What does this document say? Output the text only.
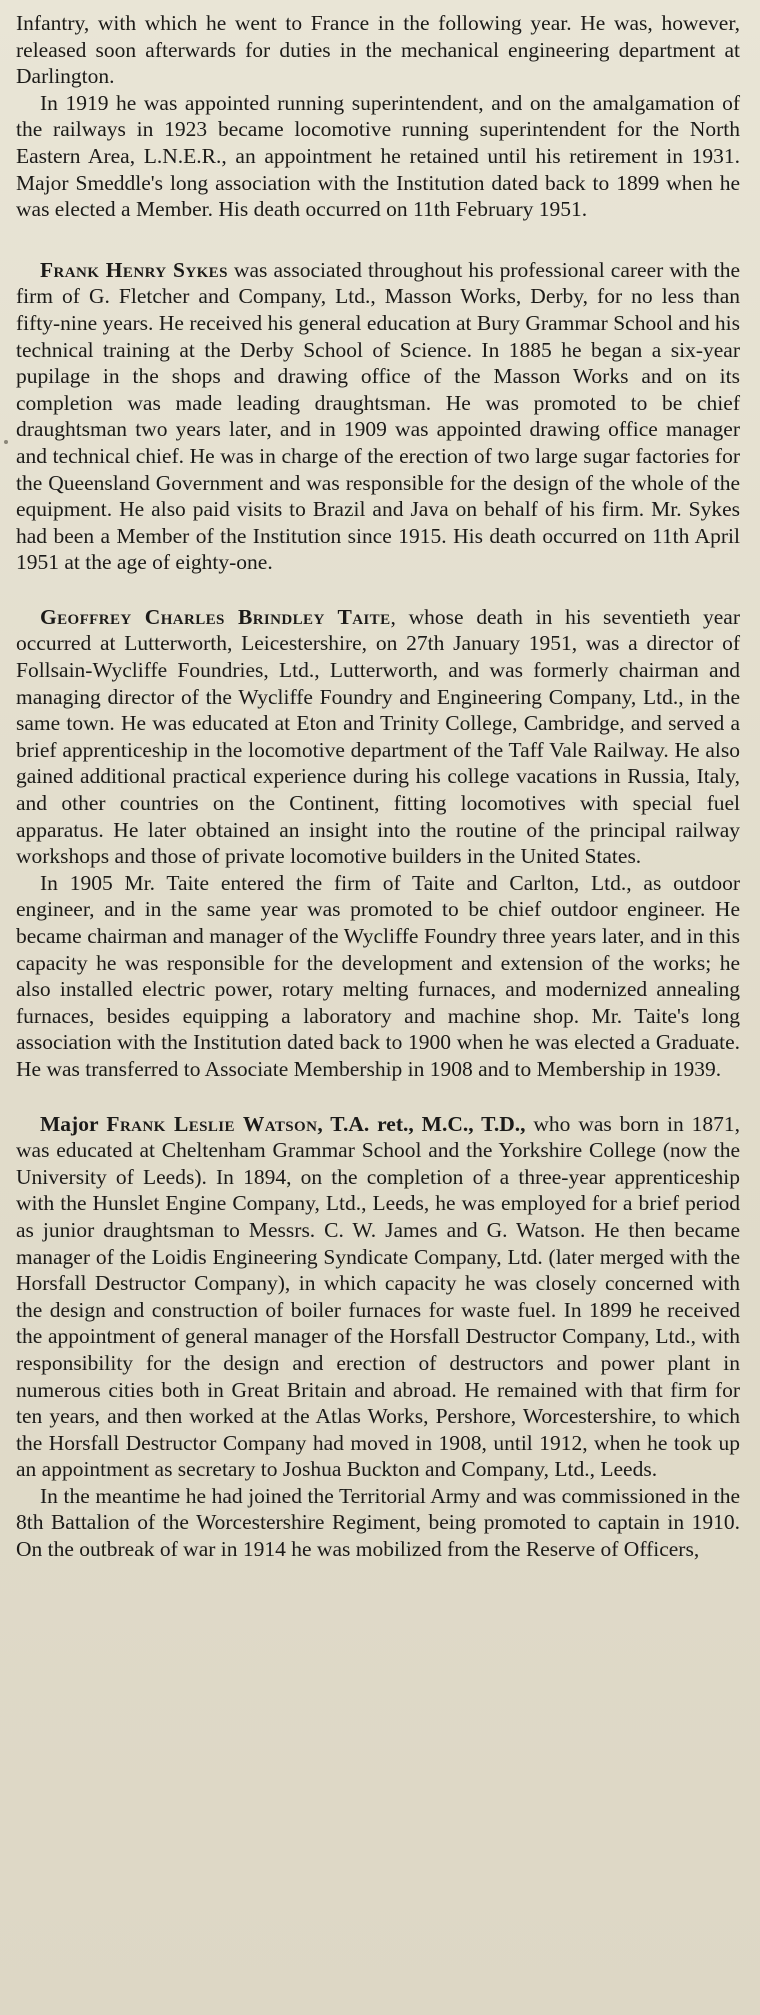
Infantry, with which he went to France in the following year. He was, however, released soon afterwards for duties in the mechanical engineering department at Darlington.

In 1919 he was appointed running superintendent, and on the amalgamation of the railways in 1923 became locomotive running superintendent for the North Eastern Area, L.N.E.R., an appointment he retained until his retirement in 1931. Major Smeddle's long association with the Institution dated back to 1899 when he was elected a Member. His death occurred on 11th February 1951.

Frank Henry Sykes was associated throughout his professional career with the firm of G. Fletcher and Company, Ltd., Masson Works, Derby, for no less than fifty-nine years. He received his general education at Bury Grammar School and his technical training at the Derby School of Science. In 1885 he began a six-year pupilage in the shops and drawing office of the Masson Works and on its completion was made leading draughtsman. He was promoted to be chief draughtsman two years later, and in 1909 was appointed drawing office manager and technical chief. He was in charge of the erection of two large sugar factories for the Queensland Government and was responsible for the design of the whole of the equipment. He also paid visits to Brazil and Java on behalf of his firm. Mr. Sykes had been a Member of the Institution since 1915. His death occurred on 11th April 1951 at the age of eighty-one.

Geoffrey Charles Brindley Taite, whose death in his seventieth year occurred at Lutterworth, Leicestershire, on 27th January 1951, was a director of Follsain-Wycliffe Foundries, Ltd., Lutterworth, and was formerly chairman and managing director of the Wycliffe Foundry and Engineering Company, Ltd., in the same town. He was educated at Eton and Trinity College, Cambridge, and served a brief apprenticeship in the locomotive department of the Taff Vale Railway. He also gained additional practical experience during his college vacations in Russia, Italy, and other countries on the Continent, fitting locomotives with special fuel apparatus. He later obtained an insight into the routine of the principal railway workshops and those of private locomotive builders in the United States.

In 1905 Mr. Taite entered the firm of Taite and Carlton, Ltd., as outdoor engineer, and in the same year was promoted to be chief outdoor engineer. He became chairman and manager of the Wycliffe Foundry three years later, and in this capacity he was responsible for the development and extension of the works; he also installed electric power, rotary melting furnaces, and modernized annealing furnaces, besides equipping a laboratory and machine shop. Mr. Taite's long association with the Institution dated back to 1900 when he was elected a Graduate. He was transferred to Associate Membership in 1908 and to Membership in 1939.

Major Frank Leslie Watson, T.A. ret., M.C., T.D., who was born in 1871, was educated at Cheltenham Grammar School and the Yorkshire College (now the University of Leeds). In 1894, on the completion of a three-year apprenticeship with the Hunslet Engine Company, Ltd., Leeds, he was employed for a brief period as junior draughtsman to Messrs. C. W. James and G. Watson. He then became manager of the Loidis Engineering Syndicate Company, Ltd. (later merged with the Horsfall Destructor Company), in which capacity he was closely concerned with the design and construction of boiler furnaces for waste fuel. In 1899 he received the appointment of general manager of the Horsfall Destructor Company, Ltd., with responsibility for the design and erection of destructors and power plant in numerous cities both in Great Britain and abroad. He remained with that firm for ten years, and then worked at the Atlas Works, Pershore, Worcestershire, to which the Horsfall Destructor Company had moved in 1908, until 1912, when he took up an appointment as secretary to Joshua Buckton and Company, Ltd., Leeds.

In the meantime he had joined the Territorial Army and was commissioned in the 8th Battalion of the Worcestershire Regiment, being promoted to captain in 1910. On the outbreak of war in 1914 he was mobilized from the Reserve of Officers,
